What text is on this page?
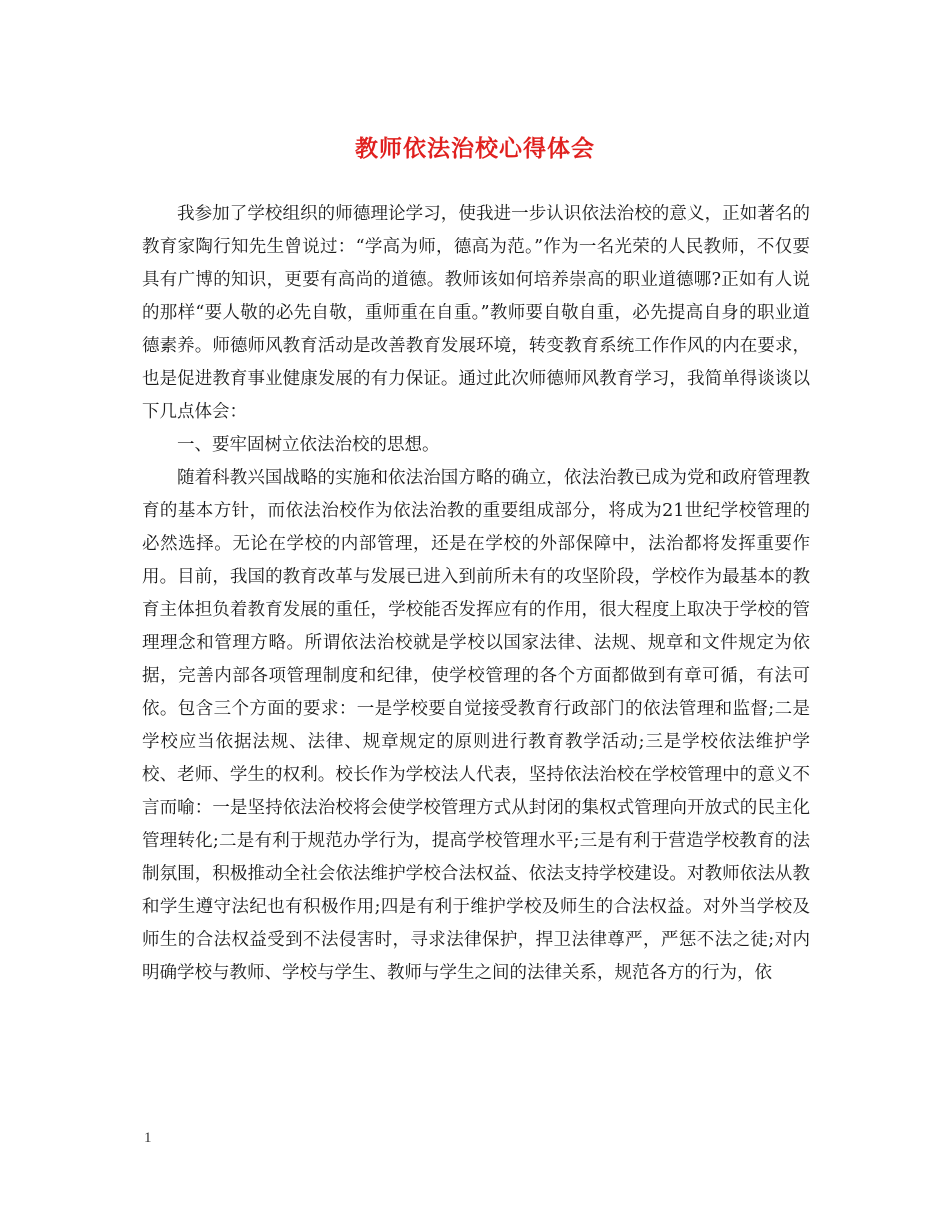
教师依法治校心得体会

我参加了学校组织的师德理论学习，使我进一步认识依法治校的意义，正如著名的教育家陶行知先生曾说过：“学高为师，德高为范。”作为一名光荣的人民教师，不仅要具有广博的知识，更要有高尚的道德。教师该如何培养崇高的职业道德哪?正如有人说的那样“要人敬的必先自敬，重师重在自重。”教师要自敬自重，必先提高自身的职业道德素养。师德师风教育活动是改善教育发展环境，转变教育系统工作作风的内在要求，也是促进教育事业健康发展的有力保证。通过此次师德师风教育学习，我简单得谈谈以下几点体会：

一、要牢固树立依法治校的思想。

随着科教兴国战略的实施和依法治国方略的确立，依法治教已成为党和政府管理教育的基本方针，而依法治校作为依法治教的重要组成部分，将成为21世纪学校管理的必然选择。无论在学校的内部管理，还是在学校的外部保障中，法治都将发挥重要作用。目前，我国的教育改革与发展已进入到前所未有的攻坚阶段，学校作为最基本的教育主体担负着教育发展的重任，学校能否发挥应有的作用，很大程度上取决于学校的管理理念和管理方略。所谓依法治校就是学校以国家法律、法规、规章和文件规定为依据，完善内部各项管理制度和纪律，使学校管理的各个方面都做到有章可循，有法可依。包含三个方面的要求：一是学校要自觉接受教育行政部门的依法管理和监督;二是学校应当依据法规、法律、规章规定的原则进行教育教学活动;三是学校依法维护学校、老师、学生的权利。校长作为学校法人代表，坚持依法治校在学校管理中的意义不言而喻：一是坚持依法治校将会使学校管理方式从封闭的集权式管理向开放式的民主化管理转化;二是有利于规范办学行为，提高学校管理水平;三是有利于营造学校教育的法制氛围，积极推动全社会依法维护学校合法权益、依法支持学校建设。对教师依法从教和学生遵守法纪也有积极作用;四是有利于维护学校及师生的合法权益。对外当学校及师生的合法权益受到不法侵害时，寻求法律保护，捍卫法律尊严，严惩不法之徒;对内明确学校与教师、学校与学生、教师与学生之间的法律关系，规范各方的行为，依

1
